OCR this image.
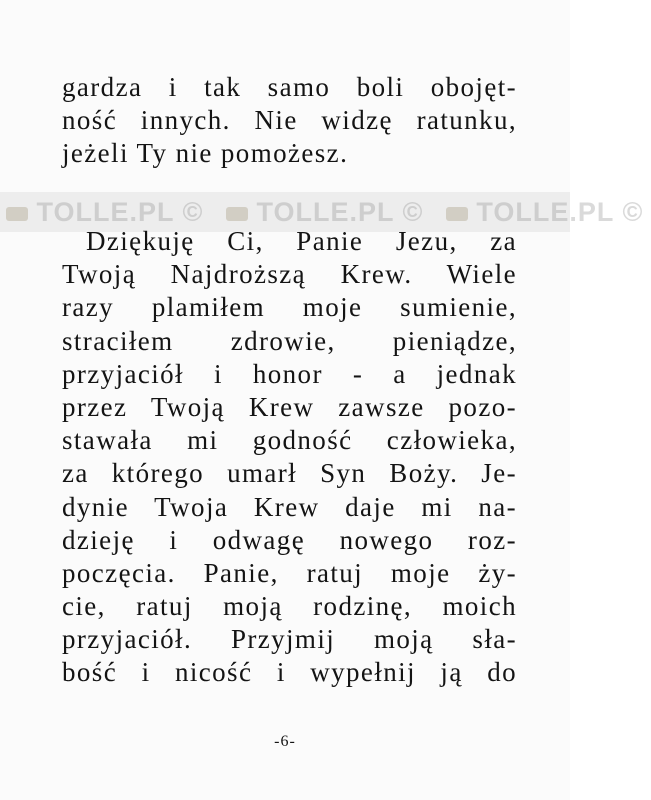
gardza i tak samo boli obojęt-
ność innych. Nie widzę ratunku,
jeżeli Ty nie pomożesz.
TOLLE.PL © TOLLE.PL © TOLLE.PL ©
Dziękuję Ci, Panie Jezu, za
Twoją Najdroższą Krew. Wiele
razy plamiłem moje sumienie,
straciłem zdrowie, pieniądze,
przyjaciół i honor - a jednak
przez Twoją Krew zawsze pozo-
stawała mi godność człowieka,
za którego umarł Syn Boży. Je-
dynie Twoja Krew daje mi na-
dzieję i odwagę nowego roz-
poczęcia. Panie, ratuj moje ży-
cie, ratuj moją rodzinę, moich
przyjaciół. Przyjmij moją sła-
bość i nicość i wypełnij ją do
-6-
